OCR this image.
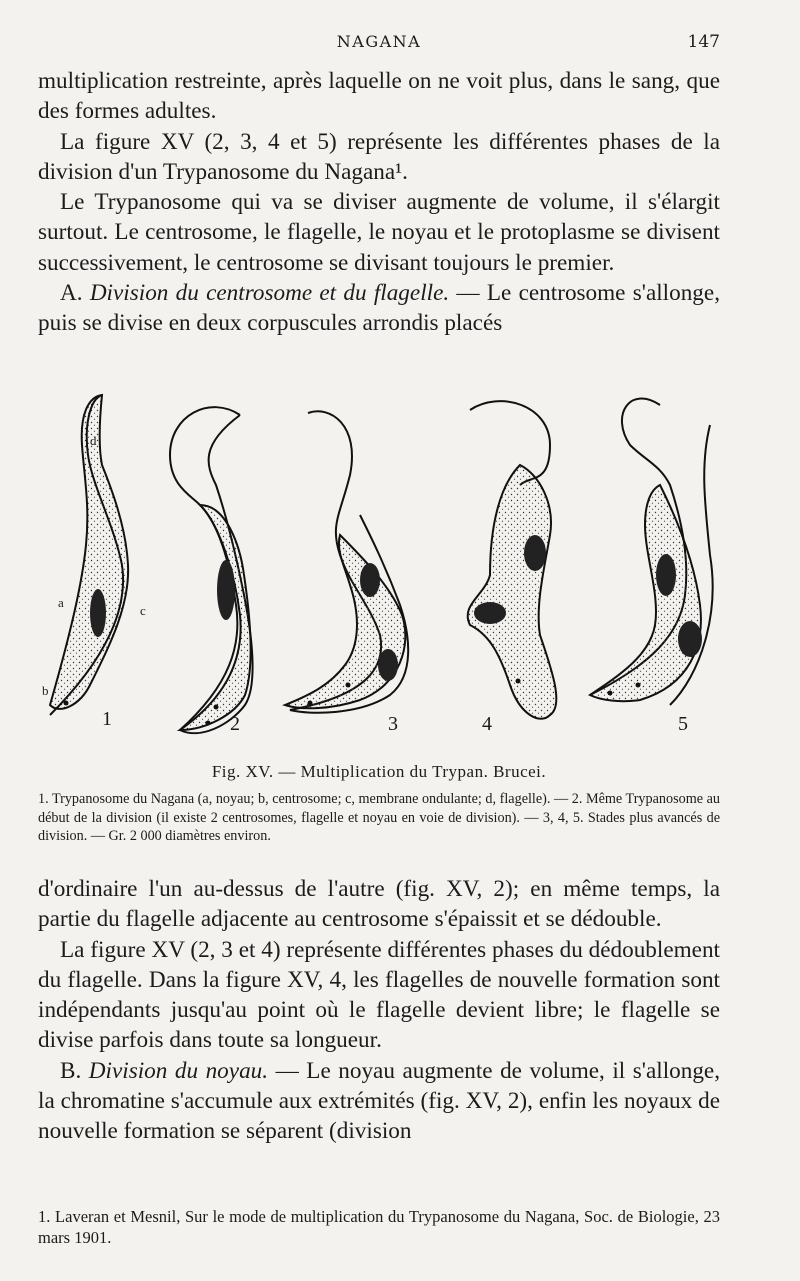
NAGANA	147

multiplication restreinte, après laquelle on ne voit plus, dans le sang, que des formes adultes.

La figure XV (2, 3, 4 et 5) représente les différentes phases de la division d'un Trypanosome du Nagana¹.

Le Trypanosome qui va se diviser augmente de volume, il s'élargit surtout. Le centrosome, le flagelle, le noyau et le protoplasme se divisent successivement, le centrosome se divisant toujours le premier.

A. Division du centrosome et du flagelle. — Le centrosome s'allonge, puis se divise en deux corpuscules arrondis placés

d
a
c
b
1	2	3	4	5
Fig. XV. — Multiplication du Trypan. Brucei.
1. Trypanosome du Nagana (a, noyau; b, centrosome; c, membrane ondulante; d, flagelle). — 2. Même Trypanosome au début de la division (il existe 2 centrosomes, flagelle et noyau en voie de division). — 3, 4, 5. Stades plus avancés de division. — Gr. 2 000 diamètres environ.

d'ordinaire l'un au-dessus de l'autre (fig. XV, 2); en même temps, la partie du flagelle adjacente au centrosome s'épaissit et se dédouble.

La figure XV (2, 3 et 4) représente différentes phases du dédoublement du flagelle. Dans la figure XV, 4, les flagelles de nouvelle formation sont indépendants jusqu'au point où le flagelle devient libre; le flagelle se divise parfois dans toute sa longueur.

B. Division du noyau. — Le noyau augmente de volume, il s'allonge, la chromatine s'accumule aux extrémités (fig. XV, 2), enfin les noyaux de nouvelle formation se séparent (division

1. Laveran et Mesnil, Sur le mode de multiplication du Trypanosome du Nagana, Soc. de Biologie, 23 mars 1901.
